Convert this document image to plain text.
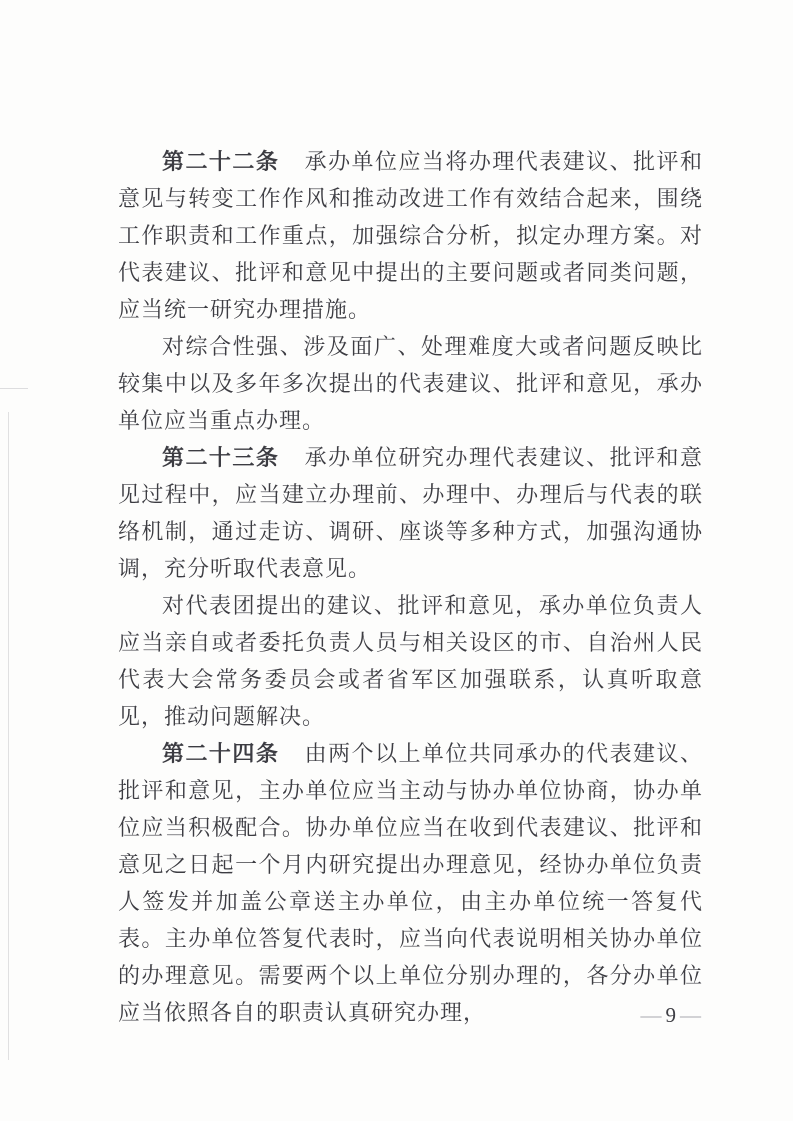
第二十二条 承办单位应当将办理代表建议、批评和意见与转变工作作风和推动改进工作有效结合起来，围绕工作职责和工作重点，加强综合分析，拟定办理方案。对代表建议、批评和意见中提出的主要问题或者同类问题，应当统一研究办理措施。

对综合性强、涉及面广、处理难度大或者问题反映比较集中以及多年多次提出的代表建议、批评和意见，承办单位应当重点办理。

第二十三条 承办单位研究办理代表建议、批评和意见过程中，应当建立办理前、办理中、办理后与代表的联络机制，通过走访、调研、座谈等多种方式，加强沟通协调，充分听取代表意见。

对代表团提出的建议、批评和意见，承办单位负责人应当亲自或者委托负责人员与相关设区的市、自治州人民代表大会常务委员会或者省军区加强联系，认真听取意见，推动问题解决。

第二十四条 由两个以上单位共同承办的代表建议、批评和意见，主办单位应当主动与协办单位协商，协办单位应当积极配合。协办单位应当在收到代表建议、批评和意见之日起一个月内研究提出办理意见，经协办单位负责人签发并加盖公章送主办单位，由主办单位统一答复代表。主办单位答复代表时，应当向代表说明相关协办单位的办理意见。需要两个以上单位分别办理的，各分办单位应当依照各自的职责认真研究办理，	—9—
